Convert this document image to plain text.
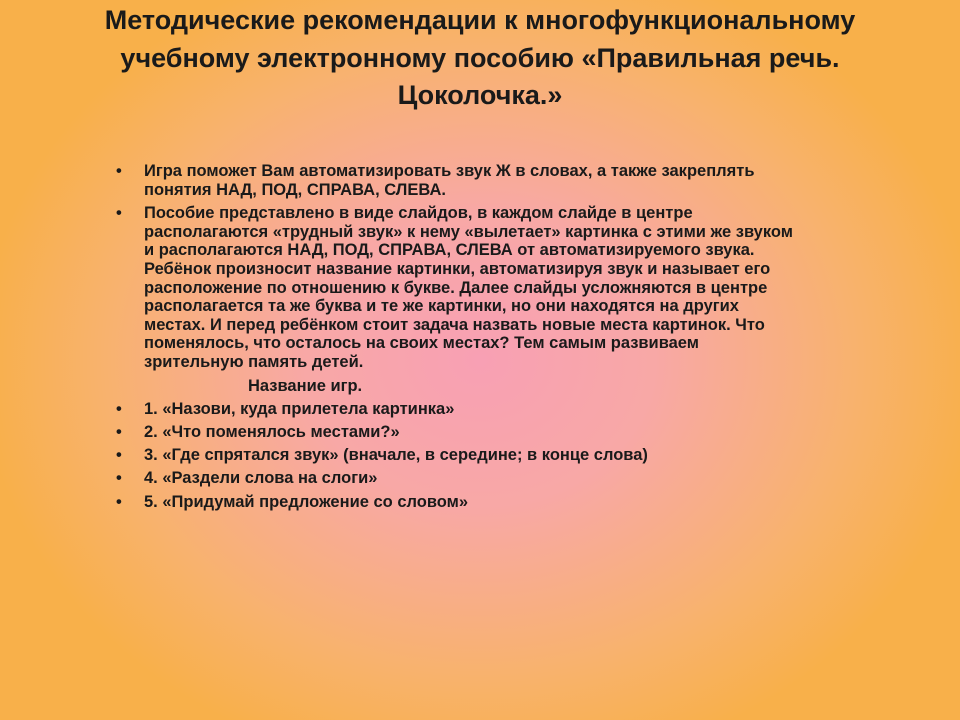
Методические рекомендации к многофункциональному учебному электронному пособию «Правильная речь. Цоколочка.»
• Игра поможет Вам автоматизировать звук Ж в словах, а также закреплять понятия НАД, ПОД, СПРАВА, СЛЕВА.
• Пособие представлено в виде слайдов, в каждом слайде в центре располагаются «трудный звук» к нему «вылетает» картинка с этими же звуком и располагаются НАД, ПОД, СПРАВА, СЛЕВА от автоматизируемого звука. Ребёнок произносит название картинки, автоматизируя звук и называет его расположение по отношению к букве. Далее слайды усложняются в центре располагается та же буква и те же картинки, но они находятся на других местах. И перед ребёнком стоит задача назвать новые места картинок. Что поменялось, что осталось на своих местах? Тем самым развиваем зрительную память детей.
Название игр.
• 1. «Назови, куда прилетела картинка»
• 2. «Что поменялось местами?»
• 3. «Где спрятался звук» (вначале, в середине; в конце слова)
• 4. «Раздели слова на слоги»
• 5. «Придумай предложение со словом»
